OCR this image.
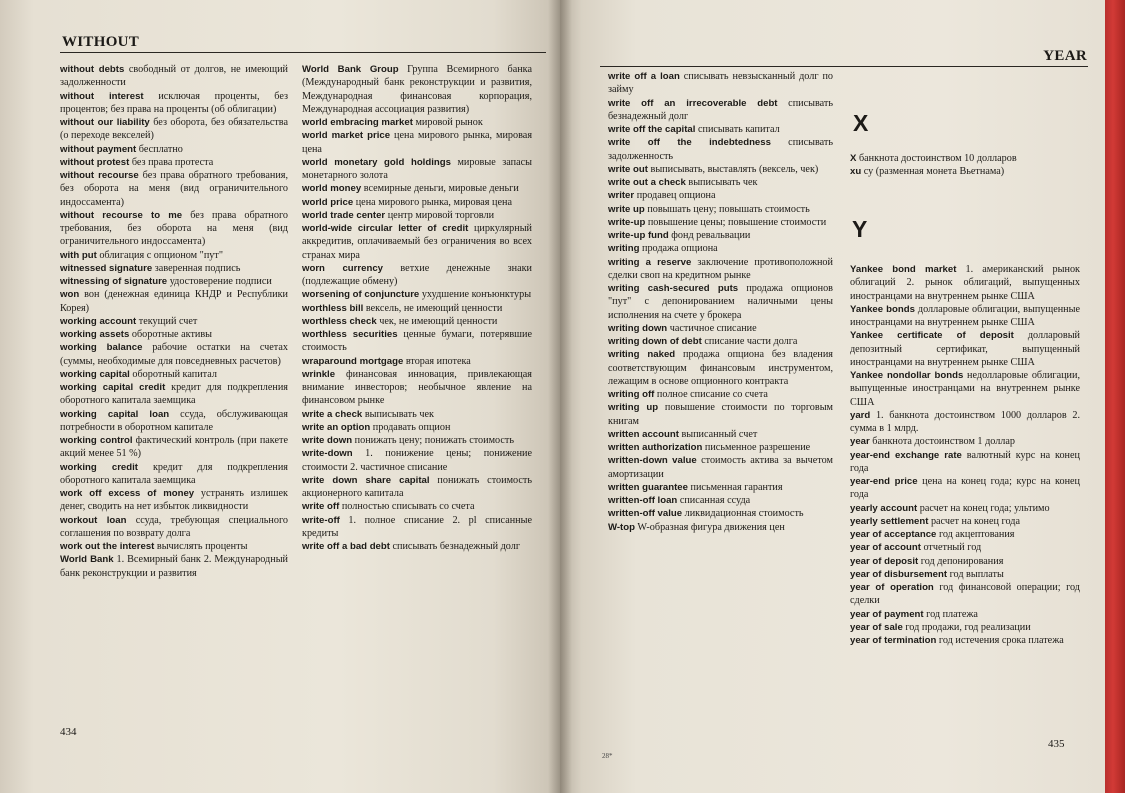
WITHOUT

without debts свободный от долгов, не имеющий задолженности

without interest исключая проценты, без процентов; без права на проценты (об облигации)

without our liability без оборота, без обязательства (о переходе векселей)

without payment бесплатно

without protest без права протеста

without recourse без права обратного требования, без оборота на меня (вид ограничительного индоссамента)

without recourse to me без права обратного требования, без оборота на меня (вид ограничительного индоссамента)

with put облигация с опционом "пут"

witnessed signature заверенная подпись

witnessing of signature удостоверение подписи

won вон (денежная единица КНДР и Республики Корея)

working account текущий счет

working assets оборотные активы

working balance рабочие остатки на счетах (суммы, необходимые для повседневных расчетов)

working capital оборотный капитал

working capital credit кредит для подкрепления оборотного капитала заемщика

working capital loan ссуда, обслуживающая потребности в оборотном капитале

working control фактический контроль (при пакете акций менее 51 %)

working credit кредит для подкрепления оборотного капитала заемщика

work off excess of money устранять излишек денег, сводить на нет избыток ликвидности

workout loan ссуда, требующая специального соглашения по возврату долга

work out the interest вычислять проценты

World Bank 1. Всемирный банк 2. Международный банк реконструкции и развития

World Bank Group Группа Всемирного банка (Международный банк реконструкции и развития, Международная финансовая корпорация, Международная ассоциация развития)

world embracing market мировой рынок

world market price цена мирового рынка, мировая цена

world monetary gold holdings мировые запасы монетарного золота

world money всемирные деньги, мировые деньги

world price цена мирового рынка, мировая цена

world trade center центр мировой торговли

world-wide circular letter of credit циркулярный аккредитив, оплачиваемый без ограничения во всех странах мира

worn currency ветхие денежные знаки (подлежащие обмену)

worsening of conjuncture ухудшение конъюнктуры

worthless bill вексель, не имеющий ценности

worthless check чек, не имеющий ценности

worthless securities ценные бумаги, потерявшие стоимость

wraparound mortgage вторая ипотека

wrinkle финансовая инновация, привлекающая внимание инвесторов; необычное явление на финансовом рынке

write a check выписывать чек

write an option продавать опцион

write down понижать цену; понижать стоимость

write-down 1. понижение цены; понижение стоимости 2. частичное списание

write down share capital понижать стоимость акционерного капитала

write off полностью списывать со счета

write-off 1. полное списание 2. pl списанные кредиты

write off a bad debt списывать безнадежный долг

434
YEAR

write off a loan списывать невзысканный долг по займу

write off an irrecoverable debt списывать безнадежный долг

write off the capital списывать капитал

write off the indebtedness списывать задолженность

write out выписывать, выставлять (вексель, чек)

write out a check выписывать чек

writer продавец опциона

write up повышать цену; повышать стоимость

write-up повышение цены; повышение стоимости

write-up fund фонд ревальвации

writing продажа опциона

writing a reserve заключение противоположной сделки своп на кредитном рынке

writing cash-secured puts продажа опционов "пут" с депонированием наличными цены исполнения на счете у брокера

writing down частичное списание

writing down of debt списание части долга

writing naked продажа опциона без владения соответствующим финансовым инструментом, лежащим в основе опционного контракта

writing off полное списание со счета

writing up повышение стоимости по торговым книгам

written account выписанный счет

written authorization письменное разрешение

written-down value стоимость актива за вычетом амортизации

written guarantee письменная гарантия

written-off loan списанная ссуда

written-off value ликвидационная стоимость

W-top W-образная фигура движения цен

X

X банкнота достоинством 10 долларов

xu су (разменная монета Вьетнама)

Y

Yankee bond market 1. американский рынок облигаций 2. рынок облигаций, выпущенных иностранцами на внутреннем рынке США

Yankee bonds долларовые облигации, выпущенные иностранцами на внутреннем рынке США

Yankee certificate of deposit долларовый депозитный сертификат, выпущенный иностранцами на внутреннем рынке США

Yankee nondollar bonds недолларовые облигации, выпущенные иностранцами на внутреннем рынке США

yard 1. банкнота достоинством 1000 долларов 2. сумма в 1 млрд.

year банкнота достоинством 1 доллар

year-end exchange rate валютный курс на конец года

year-end price цена на конец года; курс на конец года

yearly account расчет на конец года; ультимо

yearly settlement расчет на конец года

year of acceptance год акцептования

year of account отчетный год

year of deposit год депонирования

year of disbursement год выплаты

year of operation год финансовой операции; год сделки

year of payment год платежа

year of sale год продажи, год реализации

year of termination год истечения срока платежа

28*
435
